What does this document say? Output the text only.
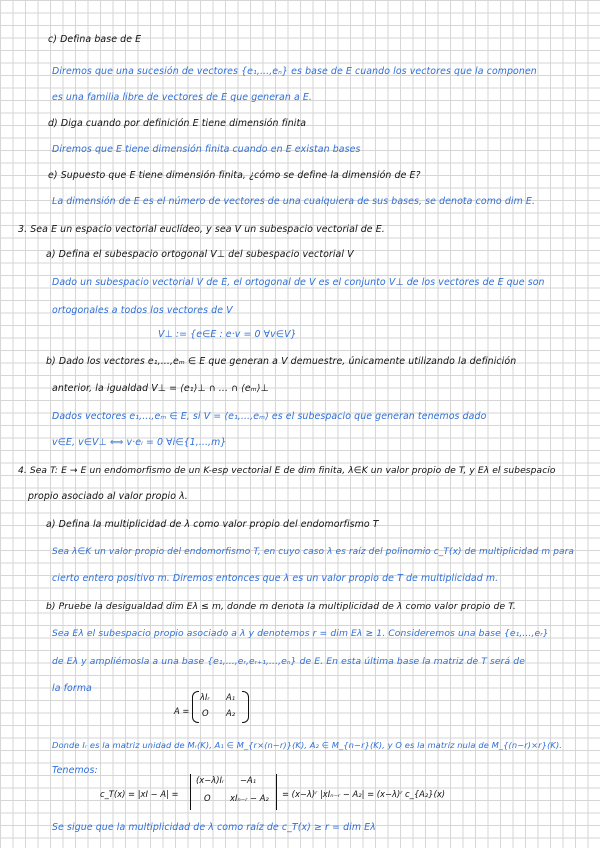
c) Defina base de E
Diremos que una sucesión de vectores {e₁,...,eₙ} es base de E cuando los vectores que la componen
es una familia libre de vectores de E que generan a E.
d) Diga cuando por definición E tiene dimensión finita
Diremos que E tiene dimensión finita cuando en E existan bases
e) Supuesto que E tiene dimensión finita, ¿cómo se define la dimensión de E?
La dimensión de E es el número de vectores de una cualquiera de sus bases, se denota como dim E.
3. Sea E un espacio vectorial euclídeo, y sea V un subespacio vectorial de E.
a) Defina el subespacio ortogonal V⊥ del subespacio vectorial V
Dado un subespacio vectorial V de E, el ortogonal de V es el conjunto V⊥ de los vectores de E que son
ortogonales a todos los vectores de V
V⊥ := {e∈E : e·v = 0 ∀v∈V}
b) Dado los vectores e₁,...,eₘ ∈ E que generan a V demuestre, únicamente utilizando la definición
anterior, la igualdad V⊥ = ⟨e₁⟩⊥ ∩ ... ∩ ⟨eₘ⟩⊥
Dados vectores e₁,...,eₘ ∈ E, si V = ⟨e₁,...,eₘ⟩ es el subespacio que generan tenemos dado
v∈E, v∈V⊥ ⟺ v·eᵢ = 0 ∀i∈{1,...,m}
4. Sea T: E → E un endomorfismo de un K-esp vectorial E de dim finita, λ∈K un valor propio de T, y Eλ el subespacio
propio asociado al valor propio λ.
a) Defina la multiplicidad de λ como valor propio del endomorfismo T
Sea λ∈K un valor propio del endomorfismo T, en cuyo caso λ es raíz del polinomio c_T(x) de multiplicidad m para
cierto entero positivo m. Diremos entonces que λ es un valor propio de T de multiplicidad m.
b) Pruebe la desigualdad dim Eλ ≤ m, donde m denota la multiplicidad de λ como valor propio de T.
Sea Eλ el subespacio propio asociado a λ y denotemos r = dim Eλ ≥ 1. Consideremos una base {e₁,...,eᵣ}
de Eλ y ampliémosla a una base {e₁,...,eᵣ,eᵣ₊₁,...,eₙ} de E. En esta última base la matriz de T será de
la forma
A =
λIᵣ A₁
O A₂
Donde Iᵣ es la matriz unidad de Mᵣ(K), A₁ ∈ M_{r×(n−r)}(K), A₂ ∈ M_{n−r}(K), y O es la matriz nula de M_{(n−r)×r}(K).
Tenemos:
c_T(x) = |xI − A| =
(x−λ)Iᵣ −A₁
O xIₙ₋ᵣ − A₂ = (x−λ)ʳ |xIₙ₋ᵣ − A₂| = (x−λ)ʳ c_{A₂}(x)
Se sigue que la multiplicidad de λ como raíz de c_T(x) ≥ r = dim Eλ
